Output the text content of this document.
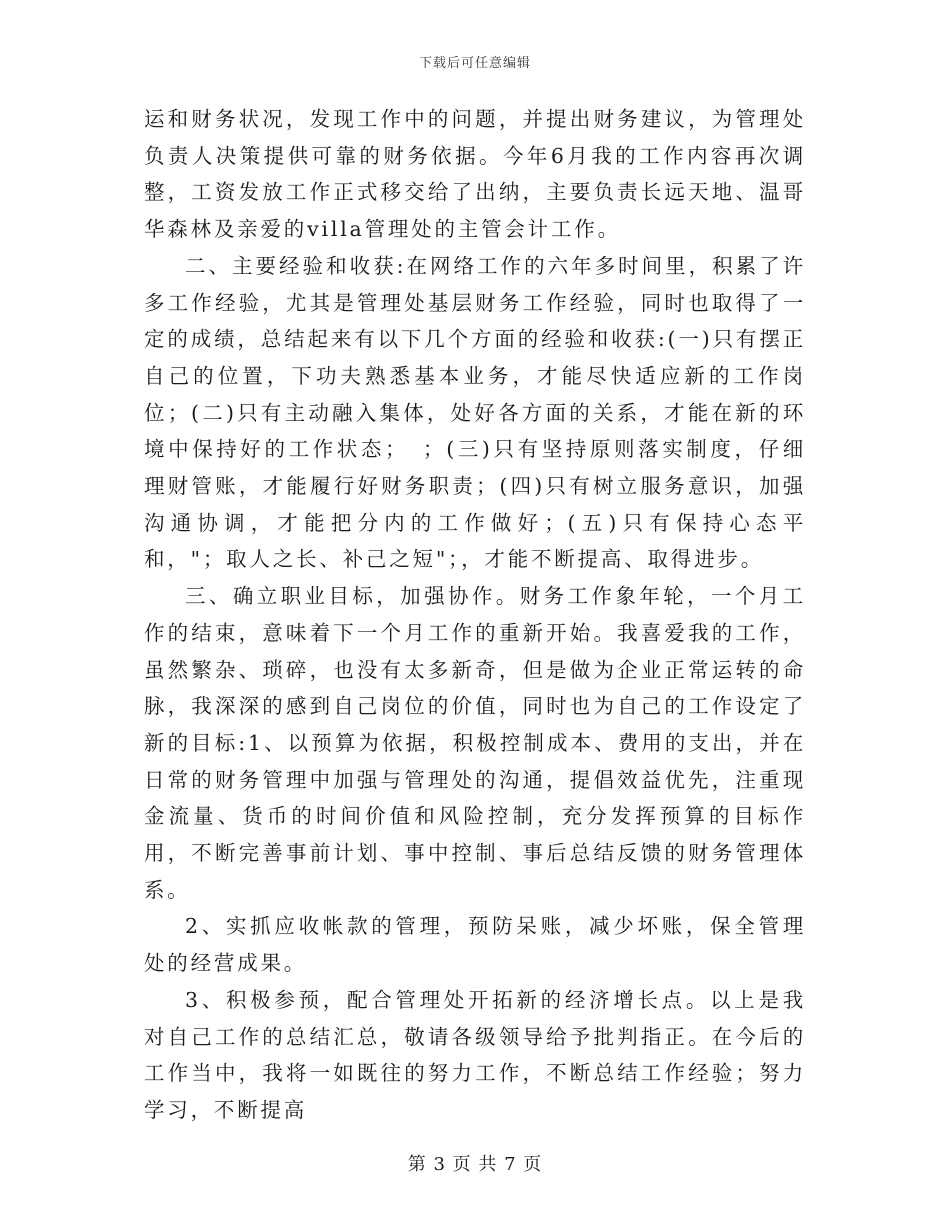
下载后可任意编辑

运和财务状况，发现工作中的问题，并提出财务建议，为管理处负责人决策提供可靠的财务依据。今年6月我的工作内容再次调整，工资发放工作正式移交给了出纳，主要负责长远天地、温哥华森林及亲爱的villa管理处的主管会计工作。

二、主要经验和收获:在网络工作的六年多时间里，积累了许多工作经验，尤其是管理处基层财务工作经验，同时也取得了一定的成绩，总结起来有以下几个方面的经验和收获:(一)只有摆正自己的位置，下功夫熟悉基本业务，才能尽快适应新的工作岗位；(二)只有主动融入集体，处好各方面的关系，才能在新的环境中保持好的工作状态；　；(三)只有坚持原则落实制度，仔细理财管账，才能履行好财务职责；(四)只有树立服务意识，加强沟通协调，才能把分内的工作做好；(五)只有保持心态平和，"；取人之长、补己之短"；，才能不断提高、取得进步。

三、确立职业目标，加强协作。财务工作象年轮，一个月工作的结束，意味着下一个月工作的重新开始。我喜爱我的工作，虽然繁杂、琐碎，也没有太多新奇，但是做为企业正常运转的命脉，我深深的感到自己岗位的价值，同时也为自己的工作设定了新的目标:1、以预算为依据，积极控制成本、费用的支出，并在日常的财务管理中加强与管理处的沟通，提倡效益优先，注重现金流量、货币的时间价值和风险控制，充分发挥预算的目标作用，不断完善事前计划、事中控制、事后总结反馈的财务管理体系。

2、实抓应收帐款的管理，预防呆账，减少坏账，保全管理处的经营成果。

3、积极参预，配合管理处开拓新的经济增长点。以上是我对自己工作的总结汇总，敬请各级领导给予批判指正。在今后的工作当中，我将一如既往的努力工作，不断总结工作经验；努力学习，不断提高

第 3 页 共 7 页
